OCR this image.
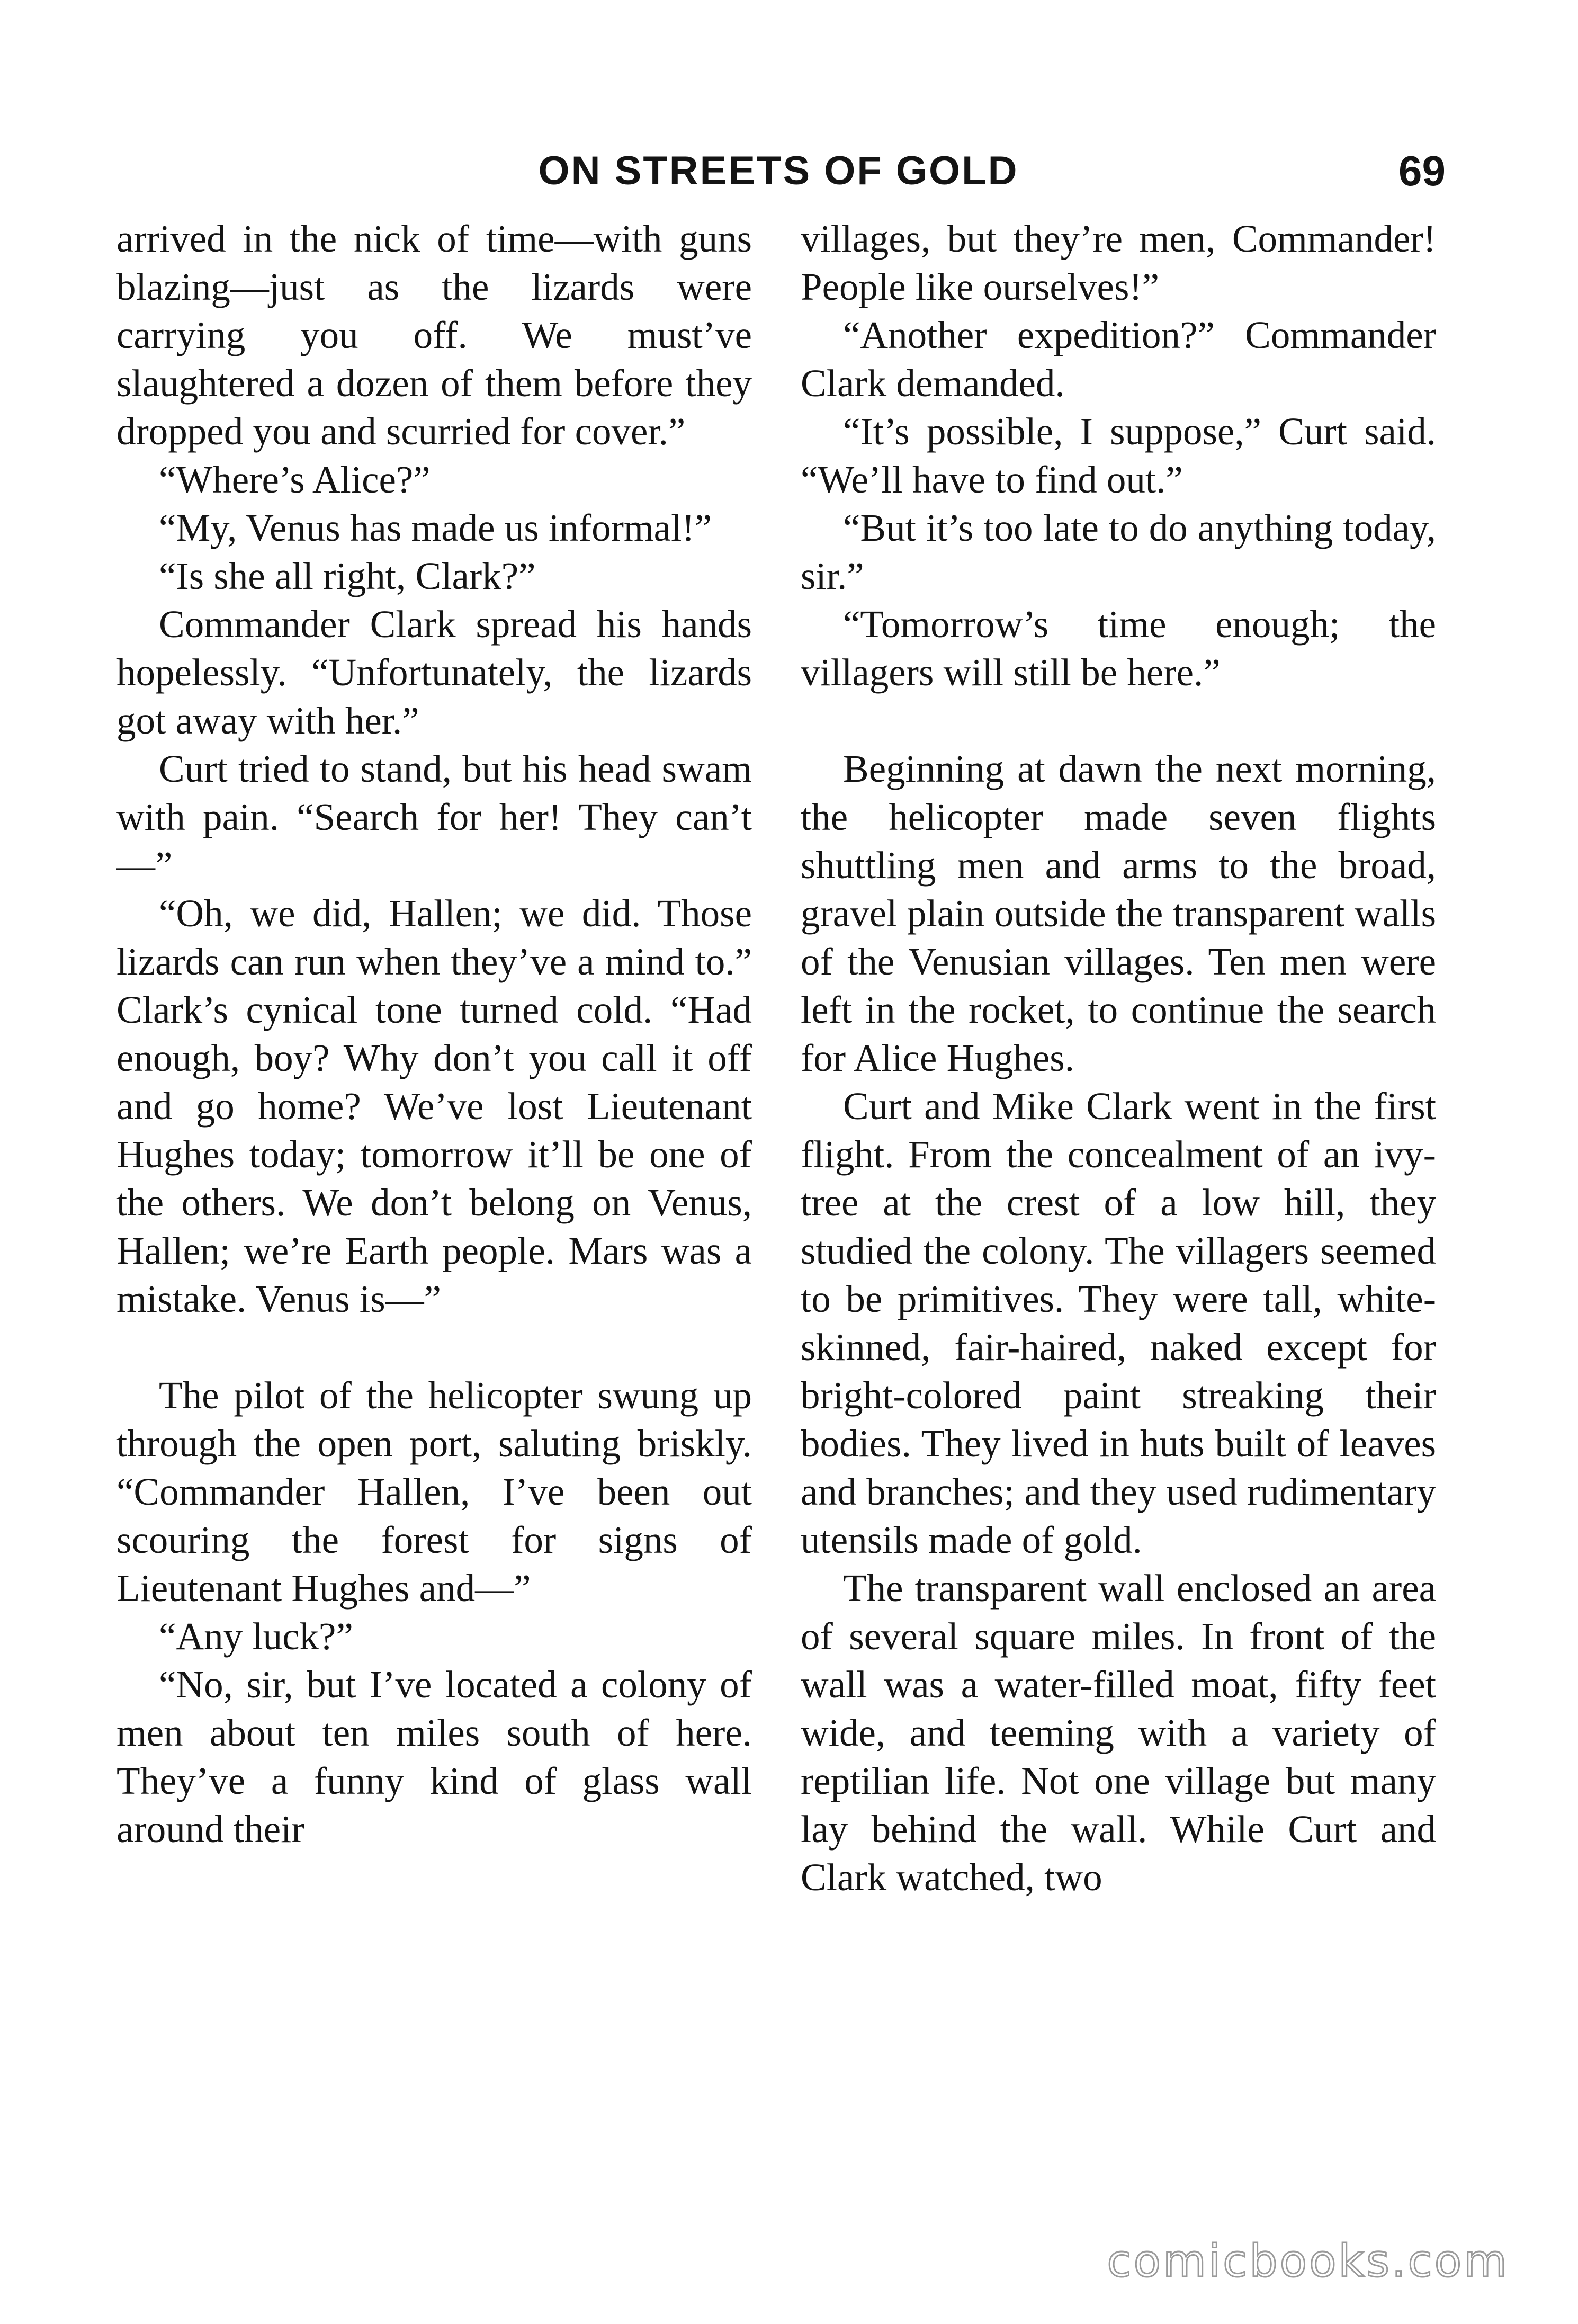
ON STREETS OF GOLD	69

arrived in the nick of time—with guns blazing—just as the lizards were carrying you off. We must’ve slaughtered a dozen of them before they dropped you and scurried for cover.”

“Where’s Alice?”

“My, Venus has made us informal!”

“Is she all right, Clark?”

Commander Clark spread his hands hopelessly. “Unfortunately, the lizards got away with her.”

Curt tried to stand, but his head swam with pain. “Search for her! They can’t—”

“Oh, we did, Hallen; we did. Those lizards can run when they’ve a mind to.” Clark’s cynical tone turned cold. “Had enough, boy? Why don’t you call it off and go home? We’ve lost Lieutenant Hughes today; tomorrow it’ll be one of the others. We don’t belong on Venus, Hallen; we’re Earth people. Mars was a mistake. Venus is—”

The pilot of the helicopter swung up through the open port, saluting briskly. “Commander Hallen, I’ve been out scouring the forest for signs of Lieutenant Hughes and—”

“Any luck?”

“No, sir, but I’ve located a colony of men about ten miles south of here. They’ve a funny kind of glass wall around their

villages, but they’re men, Commander! People like ourselves!”

“Another expedition?” Commander Clark demanded.

“It’s possible, I suppose,” Curt said. “We’ll have to find out.”

“But it’s too late to do anything today, sir.”

“Tomorrow’s time enough; the villagers will still be here.”

Beginning at dawn the next morning, the helicopter made seven flights shuttling men and arms to the broad, gravel plain outside the transparent walls of the Venusian villages. Ten men were left in the rocket, to continue the search for Alice Hughes.

Curt and Mike Clark went in the first flight. From the concealment of an ivy-tree at the crest of a low hill, they studied the colony. The villagers seemed to be primitives. They were tall, white-skinned, fair-haired, naked except for bright-colored paint streaking their bodies. They lived in huts built of leaves and branches; and they used rudimentary utensils made of gold.

The transparent wall enclosed an area of several square miles. In front of the wall was a water-filled moat, fifty feet wide, and teeming with a variety of reptilian life. Not one village but many lay behind the wall. While Curt and Clark watched, two

comicbooks.com
